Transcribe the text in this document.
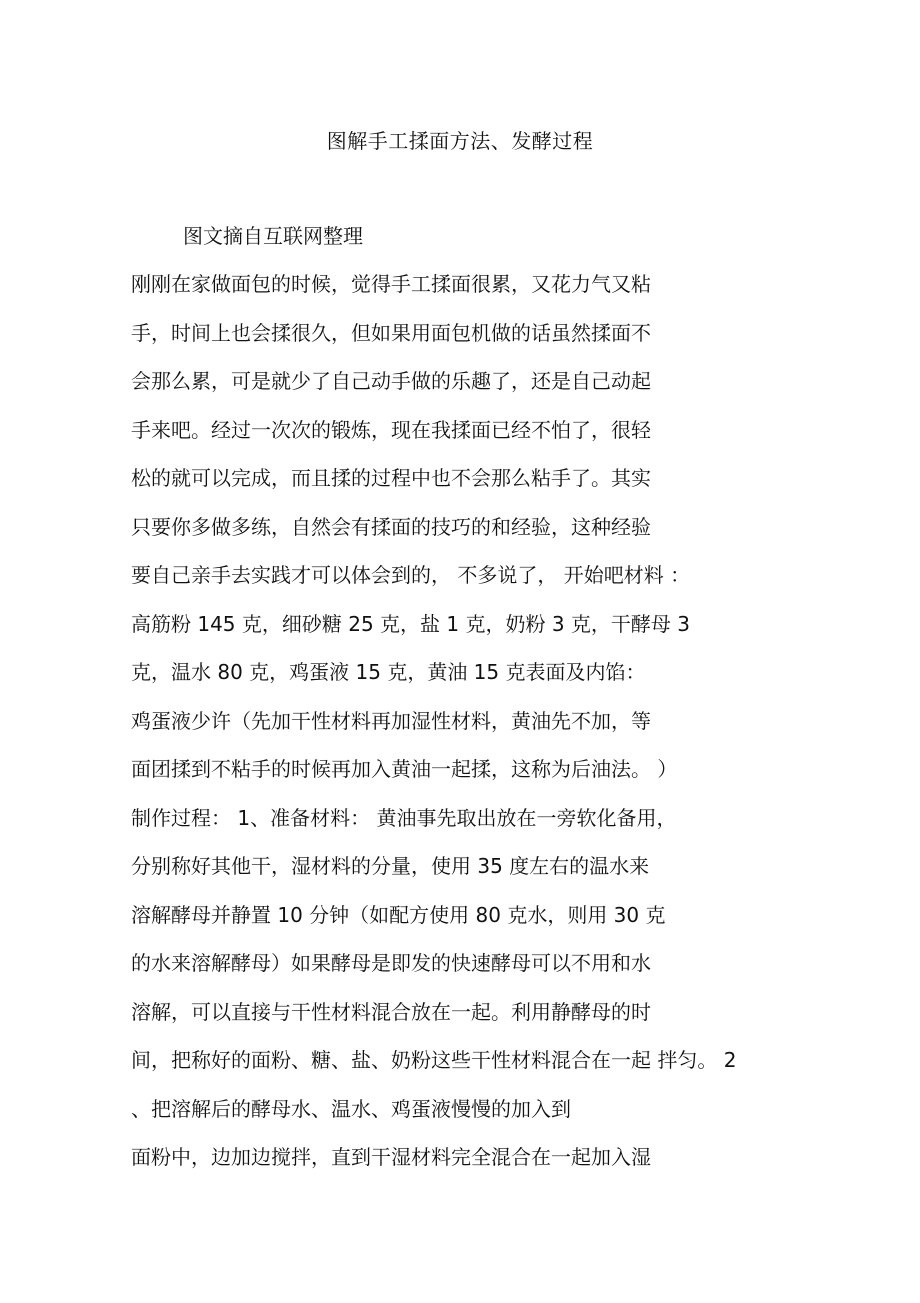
图解手工揉面方法、发酵过程
图文摘自互联网整理
刚刚在家做面包的时候，觉得手工揉面很累，又花力气又粘
手，时间上也会揉很久，但如果用面包机做的话虽然揉面不
会那么累，可是就少了自己动手做的乐趣了，还是自己动起
手来吧。经过一次次的锻炼，现在我揉面已经不怕了，很轻
松的就可以完成，而且揉的过程中也不会那么粘手了。其实
只要你多做多练，自然会有揉面的技巧的和经验，这种经验
要自己亲手去实践才可以体会到的， 不多说了， 开始吧材料 ：
高筋粉 145 克，细砂糖 25 克，盐 1 克，奶粉 3 克，干酵母 3
克，温水 80 克，鸡蛋液 15 克，黄油 15 克表面及内馅：
鸡蛋液少许（先加干性材料再加湿性材料，黄油先不加，等
面团揉到不粘手的时候再加入黄油一起揉，这称为后油法。 ）
制作过程： 1、准备材料： 黄油事先取出放在一旁软化备用，
分别称好其他干，湿材料的分量，使用 35 度左右的温水来
溶解酵母并静置 10 分钟（如配方使用 80 克水，则用 30 克
的水来溶解酵母）如果酵母是即发的快速酵母可以不用和水
溶解，可以直接与干性材料混合放在一起。利用静酵母的时
间，把称好的面粉、糖、盐、奶粉这些干性材料混合在一起 拌匀。 2
、把溶解后的酵母水、温水、鸡蛋液慢慢的加入到
面粉中，边加边搅拌，直到干湿材料完全混合在一起加入湿
